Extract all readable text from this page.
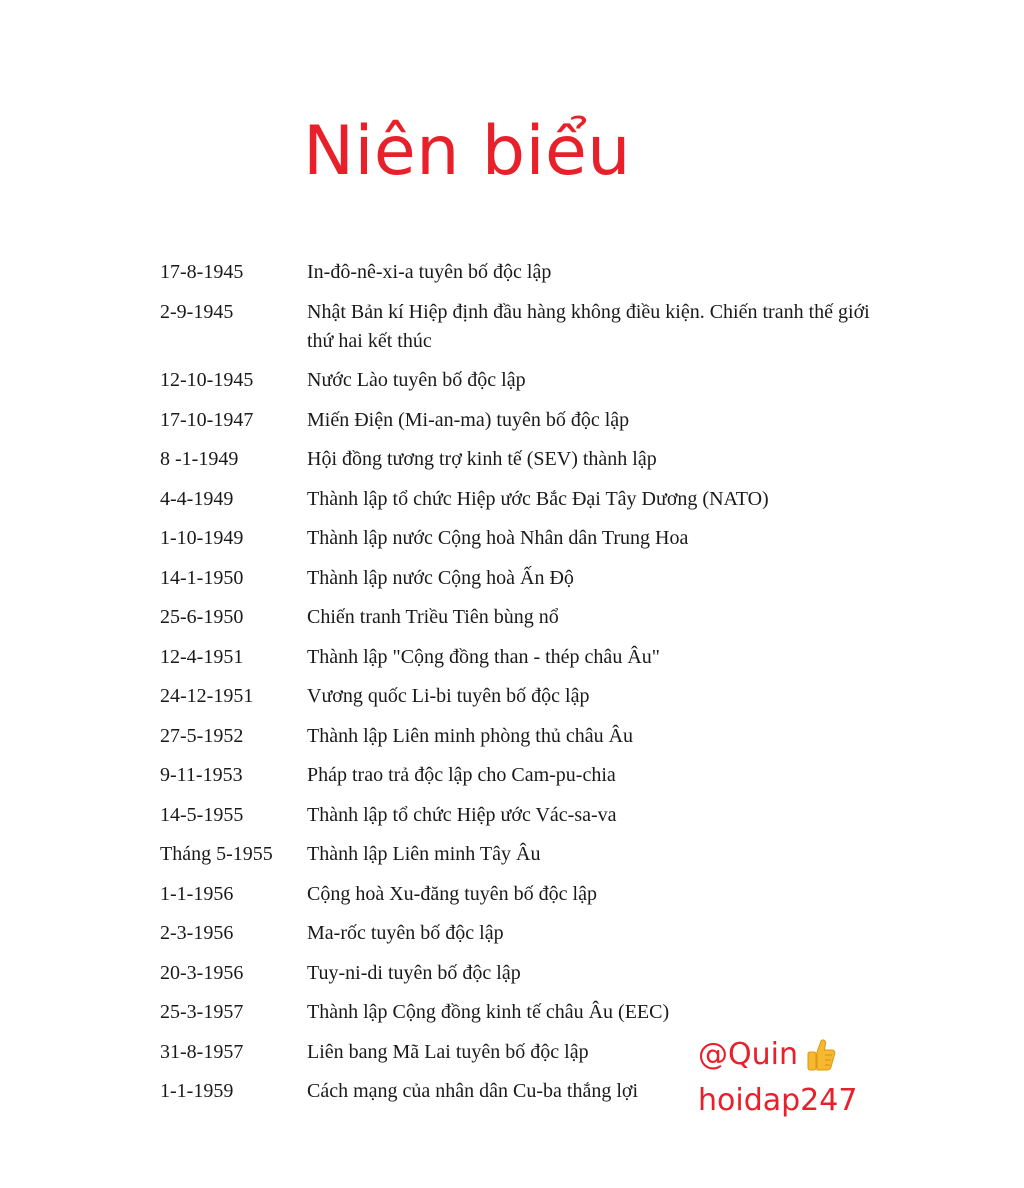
Niên biểu
17-8-1945	In-đô-nê-xi-a tuyên bố độc lập
2-9-1945	Nhật Bản kí Hiệp định đầu hàng không điều kiện. Chiến tranh thế giới thứ hai kết thúc
12-10-1945	Nước Lào tuyên bố độc lập
17-10-1947	Miến Điện (Mi-an-ma) tuyên bố độc lập
8 -1-1949	Hội đồng tương trợ kinh tế (SEV) thành lập
4-4-1949	Thành lập tổ chức Hiệp ước Bắc Đại Tây Dương (NATO)
1-10-1949	Thành lập nước Cộng hoà Nhân dân Trung Hoa
14-1-1950	Thành lập nước Cộng hoà Ấn Độ
25-6-1950	Chiến tranh Triều Tiên bùng nổ
12-4-1951	Thành lập "Cộng đồng than - thép châu Âu"
24-12-1951	Vương quốc Li-bi tuyên bố độc lập
27-5-1952	Thành lập Liên minh phòng thủ châu Âu
9-11-1953	Pháp trao trả độc lập cho Cam-pu-chia
14-5-1955	Thành lập tổ chức Hiệp ước Vác-sa-va
Tháng 5-1955	Thành lập Liên minh Tây Âu
1-1-1956	Cộng hoà Xu-đăng tuyên bố độc lập
2-3-1956	Ma-rốc tuyên bố độc lập
20-3-1956	Tuy-ni-di tuyên bố độc lập
25-3-1957	Thành lập Cộng đồng kinh tế châu Âu (EEC)
31-8-1957	Liên bang Mã Lai tuyên bố độc lập
1-1-1959	Cách mạng của nhân dân Cu-ba thắng lợi
@Quin
hoidap247
